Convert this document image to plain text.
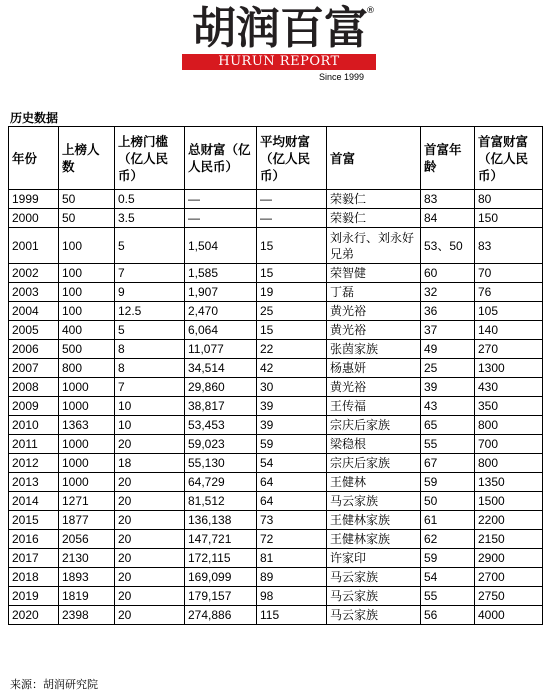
胡润百富
®
HURUN REPORT
Since 1999
历史数据
年份	上榜人数	上榜门槛（亿人民币）	总财富（亿人民币）	平均财富（亿人民币）	首富	首富年龄	首富财富（亿人民币）
1999	50	0.5	—	—	荣毅仁	83	80
2000	50	3.5	—	—	荣毅仁	84	150
2001	100	5	1,504	15	刘永行、刘永好兄弟	53、50	83
2002	100	7	1,585	15	荣智健	60	70
2003	100	9	1,907	19	丁磊	32	76
2004	100	12.5	2,470	25	黄光裕	36	105
2005	400	5	6,064	15	黄光裕	37	140
2006	500	8	11,077	22	张茵家族	49	270
2007	800	8	34,514	42	杨惠妍	25	1300
2008	1000	7	29,860	30	黄光裕	39	430
2009	1000	10	38,817	39	王传福	43	350
2010	1363	10	53,453	39	宗庆后家族	65	800
2011	1000	20	59,023	59	梁稳根	55	700
2012	1000	18	55,130	54	宗庆后家族	67	800
2013	1000	20	64,729	64	王健林	59	1350
2014	1271	20	81,512	64	马云家族	50	1500
2015	1877	20	136,138	73	王健林家族	61	2200
2016	2056	20	147,721	72	王健林家族	62	2150
2017	2130	20	172,115	81	许家印	59	2900
2018	1893	20	169,099	89	马云家族	54	2700
2019	1819	20	179,157	98	马云家族	55	2750
2020	2398	20	274,886	115	马云家族	56	4000
来源：胡润研究院
